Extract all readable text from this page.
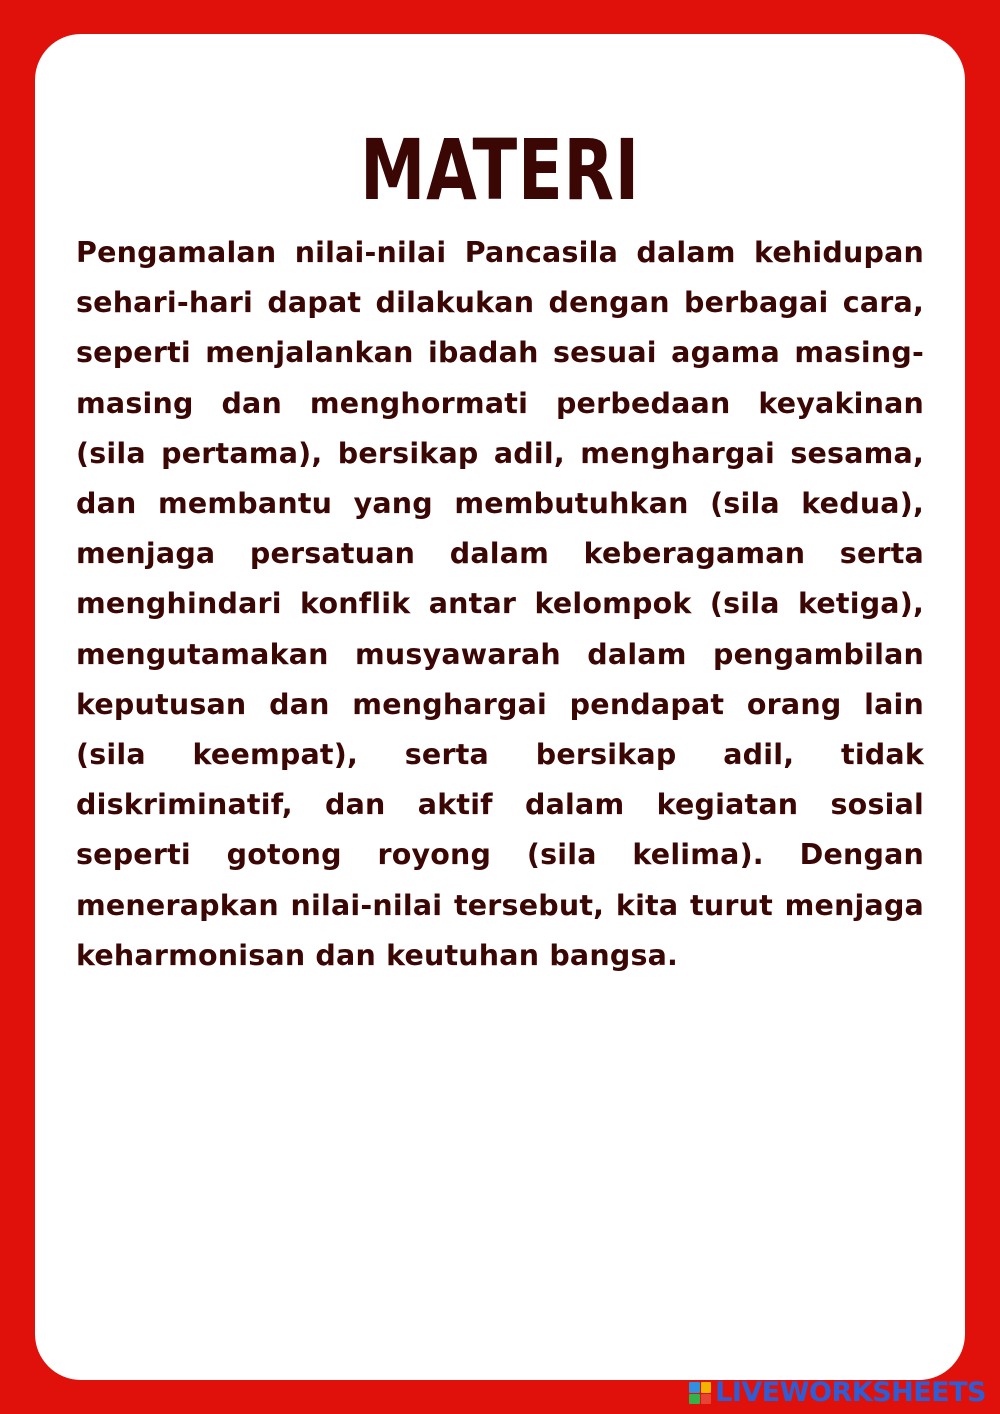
MATERI

Pengamalan nilai-nilai Pancasila dalam kehidupan sehari-hari dapat dilakukan dengan berbagai cara, seperti menjalankan ibadah sesuai agama masing-masing dan menghormati perbedaan keyakinan (sila pertama), bersikap adil, menghargai sesama, dan membantu yang membutuhkan (sila kedua), menjaga persatuan dalam keberagaman serta menghindari konflik antar kelompok (sila ketiga), mengutamakan musyawarah dalam pengambilan keputusan dan menghargai pendapat orang lain (sila keempat), serta bersikap adil, tidak diskriminatif, dan aktif dalam kegiatan sosial seperti gotong royong (sila kelima). Dengan menerapkan nilai-nilai tersebut, kita turut menjaga keharmonisan dan keutuhan bangsa.

LIVEWORKSHEETS
